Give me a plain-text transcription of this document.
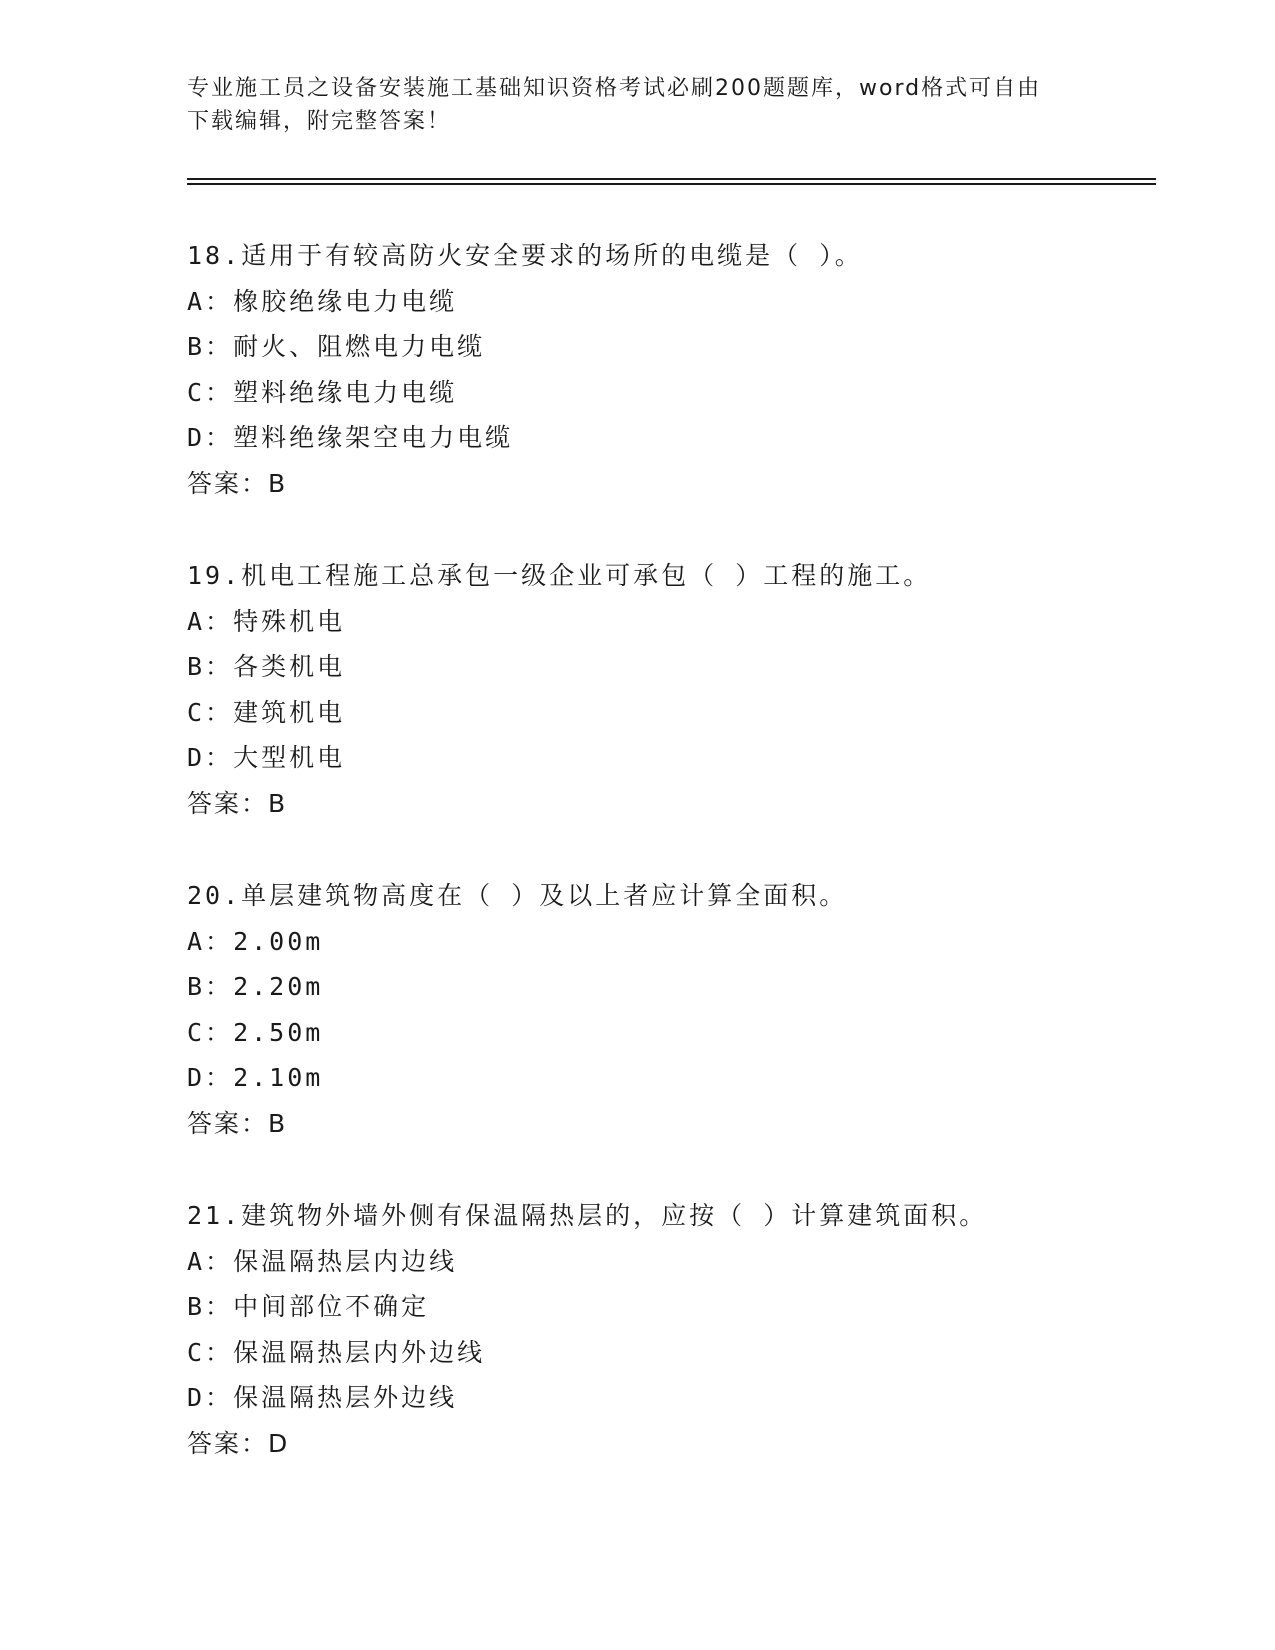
专业施工员之设备安装施工基础知识资格考试必刷200题题库，word格式可自由
下载编辑，附完整答案！
18.适用于有较高防火安全要求的场所的电缆是（ ）。
A：橡胶绝缘电力电缆
B：耐火、阻燃电力电缆
C：塑料绝缘电力电缆
D：塑料绝缘架空电力电缆
答案：B
19.机电工程施工总承包一级企业可承包（ ）工程的施工。
A：特殊机电
B：各类机电
C：建筑机电
D：大型机电
答案：B
20.单层建筑物高度在（ ）及以上者应计算全面积。
A：2.00m
B：2.20m
C：2.50m
D：2.10m
答案：B
21.建筑物外墙外侧有保温隔热层的，应按（ ）计算建筑面积。
A：保温隔热层内边线
B：中间部位不确定
C：保温隔热层内外边线
D：保温隔热层外边线
答案：D
